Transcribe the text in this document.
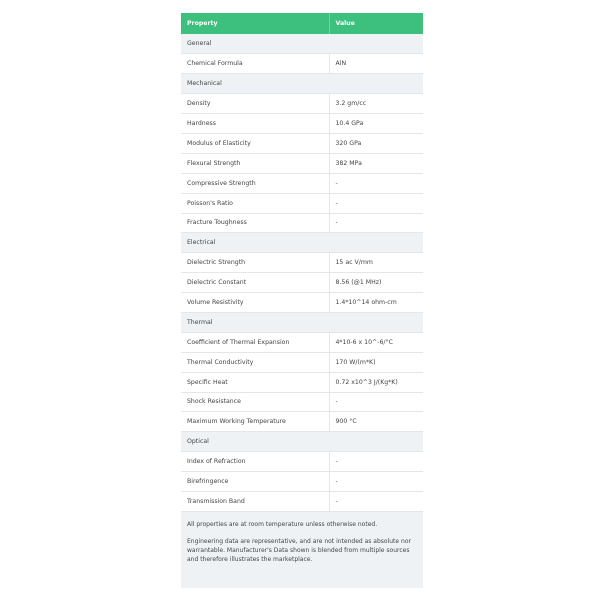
Property	Value
General	
Chemical Formula	AlN
Mechanical	
Density	3.2 gm/cc
Hardness	10.4 GPa
Modulus of Elasticity	320 GPa
Flexural Strength	382 MPa
Compressive Strength	-
Poisson's Ratio	-
Fracture Toughness	-
Electrical	
Dielectric Strength	15 ac V/mm
Dielectric Constant	8.56 (@1 MHz)
Volume Resistivity	1.4*10^14 ohm-cm
Thermal	
Coefficient of Thermal Expansion	4*10-6 x 10^-6/°C
Thermal Conductivity	170 W/(m*K)
Specific Heat	0.72 x10^3 J/(Kg*K)
Shock Resistance	-
Maximum Working Temperature	900 °C
Optical	
Index of Refraction	-
Birefringence	-
Transmission Band	-

All properties are at room temperature unless otherwise noted.

Engineering data are representative, and are not intended as absolute nor warrantable. Manufacturer's Data shown is blended from multiple sources and therefore illustrates the marketplace.
